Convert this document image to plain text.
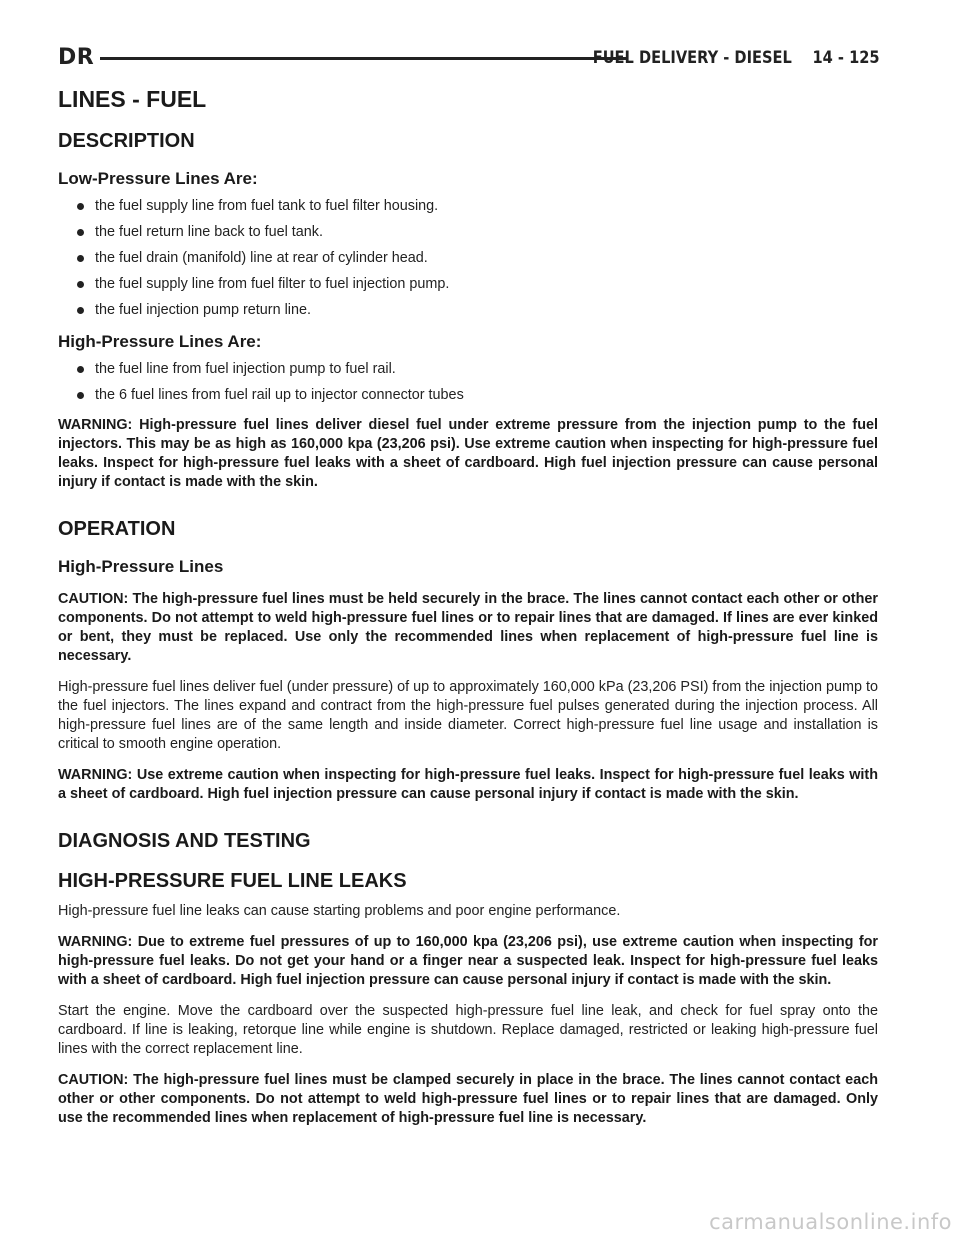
DR	FUEL DELIVERY - DIESEL 14 - 125
LINES - FUEL
DESCRIPTION
Low-Pressure Lines Are:
the fuel supply line from fuel tank to fuel filter housing.
the fuel return line back to fuel tank.
the fuel drain (manifold) line at rear of cylinder head.
the fuel supply line from fuel filter to fuel injection pump.
the fuel injection pump return line.
High-Pressure Lines Are:
the fuel line from fuel injection pump to fuel rail.
the 6 fuel lines from fuel rail up to injector connector tubes

WARNING: High-pressure fuel lines deliver diesel fuel under extreme pressure from the injection pump to the fuel injectors. This may be as high as 160,000 kpa (23,206 psi). Use extreme caution when inspecting for high-pressure fuel leaks. Inspect for high-pressure fuel leaks with a sheet of cardboard. High fuel injection pressure can cause personal injury if contact is made with the skin.

OPERATION
High-Pressure Lines

CAUTION: The high-pressure fuel lines must be held securely in the brace. The lines cannot contact each other or other components. Do not attempt to weld high-pressure fuel lines or to repair lines that are damaged. If lines are ever kinked or bent, they must be replaced. Use only the recommended lines when replacement of high-pressure fuel line is necessary.

High-pressure fuel lines deliver fuel (under pressure) of up to approximately 160,000 kPa (23,206 PSI) from the injection pump to the fuel injectors. The lines expand and contract from the high-pressure fuel pulses generated during the injection process. All high-pressure fuel lines are of the same length and inside diameter. Correct high-pressure fuel line usage and installation is critical to smooth engine operation.

WARNING: Use extreme caution when inspecting for high-pressure fuel leaks. Inspect for high-pressure fuel leaks with a sheet of cardboard. High fuel injection pressure can cause personal injury if contact is made with the skin.

DIAGNOSIS AND TESTING
HIGH-PRESSURE FUEL LINE LEAKS

High-pressure fuel line leaks can cause starting problems and poor engine performance.

WARNING: Due to extreme fuel pressures of up to 160,000 kpa (23,206 psi), use extreme caution when inspecting for high-pressure fuel leaks. Do not get your hand or a finger near a suspected leak. Inspect for high-pressure fuel leaks with a sheet of cardboard. High fuel injection pressure can cause personal injury if contact is made with the skin.

Start the engine. Move the cardboard over the suspected high-pressure fuel line leak, and check for fuel spray onto the cardboard. If line is leaking, retorque line while engine is shutdown. Replace damaged, restricted or leaking high-pressure fuel lines with the correct replacement line.

CAUTION: The high-pressure fuel lines must be clamped securely in place in the brace. The lines cannot contact each other or other components. Do not attempt to weld high-pressure fuel lines or to repair lines that are damaged. Only use the recommended lines when replacement of high-pressure fuel line is necessary.

carmanualsonline.info
